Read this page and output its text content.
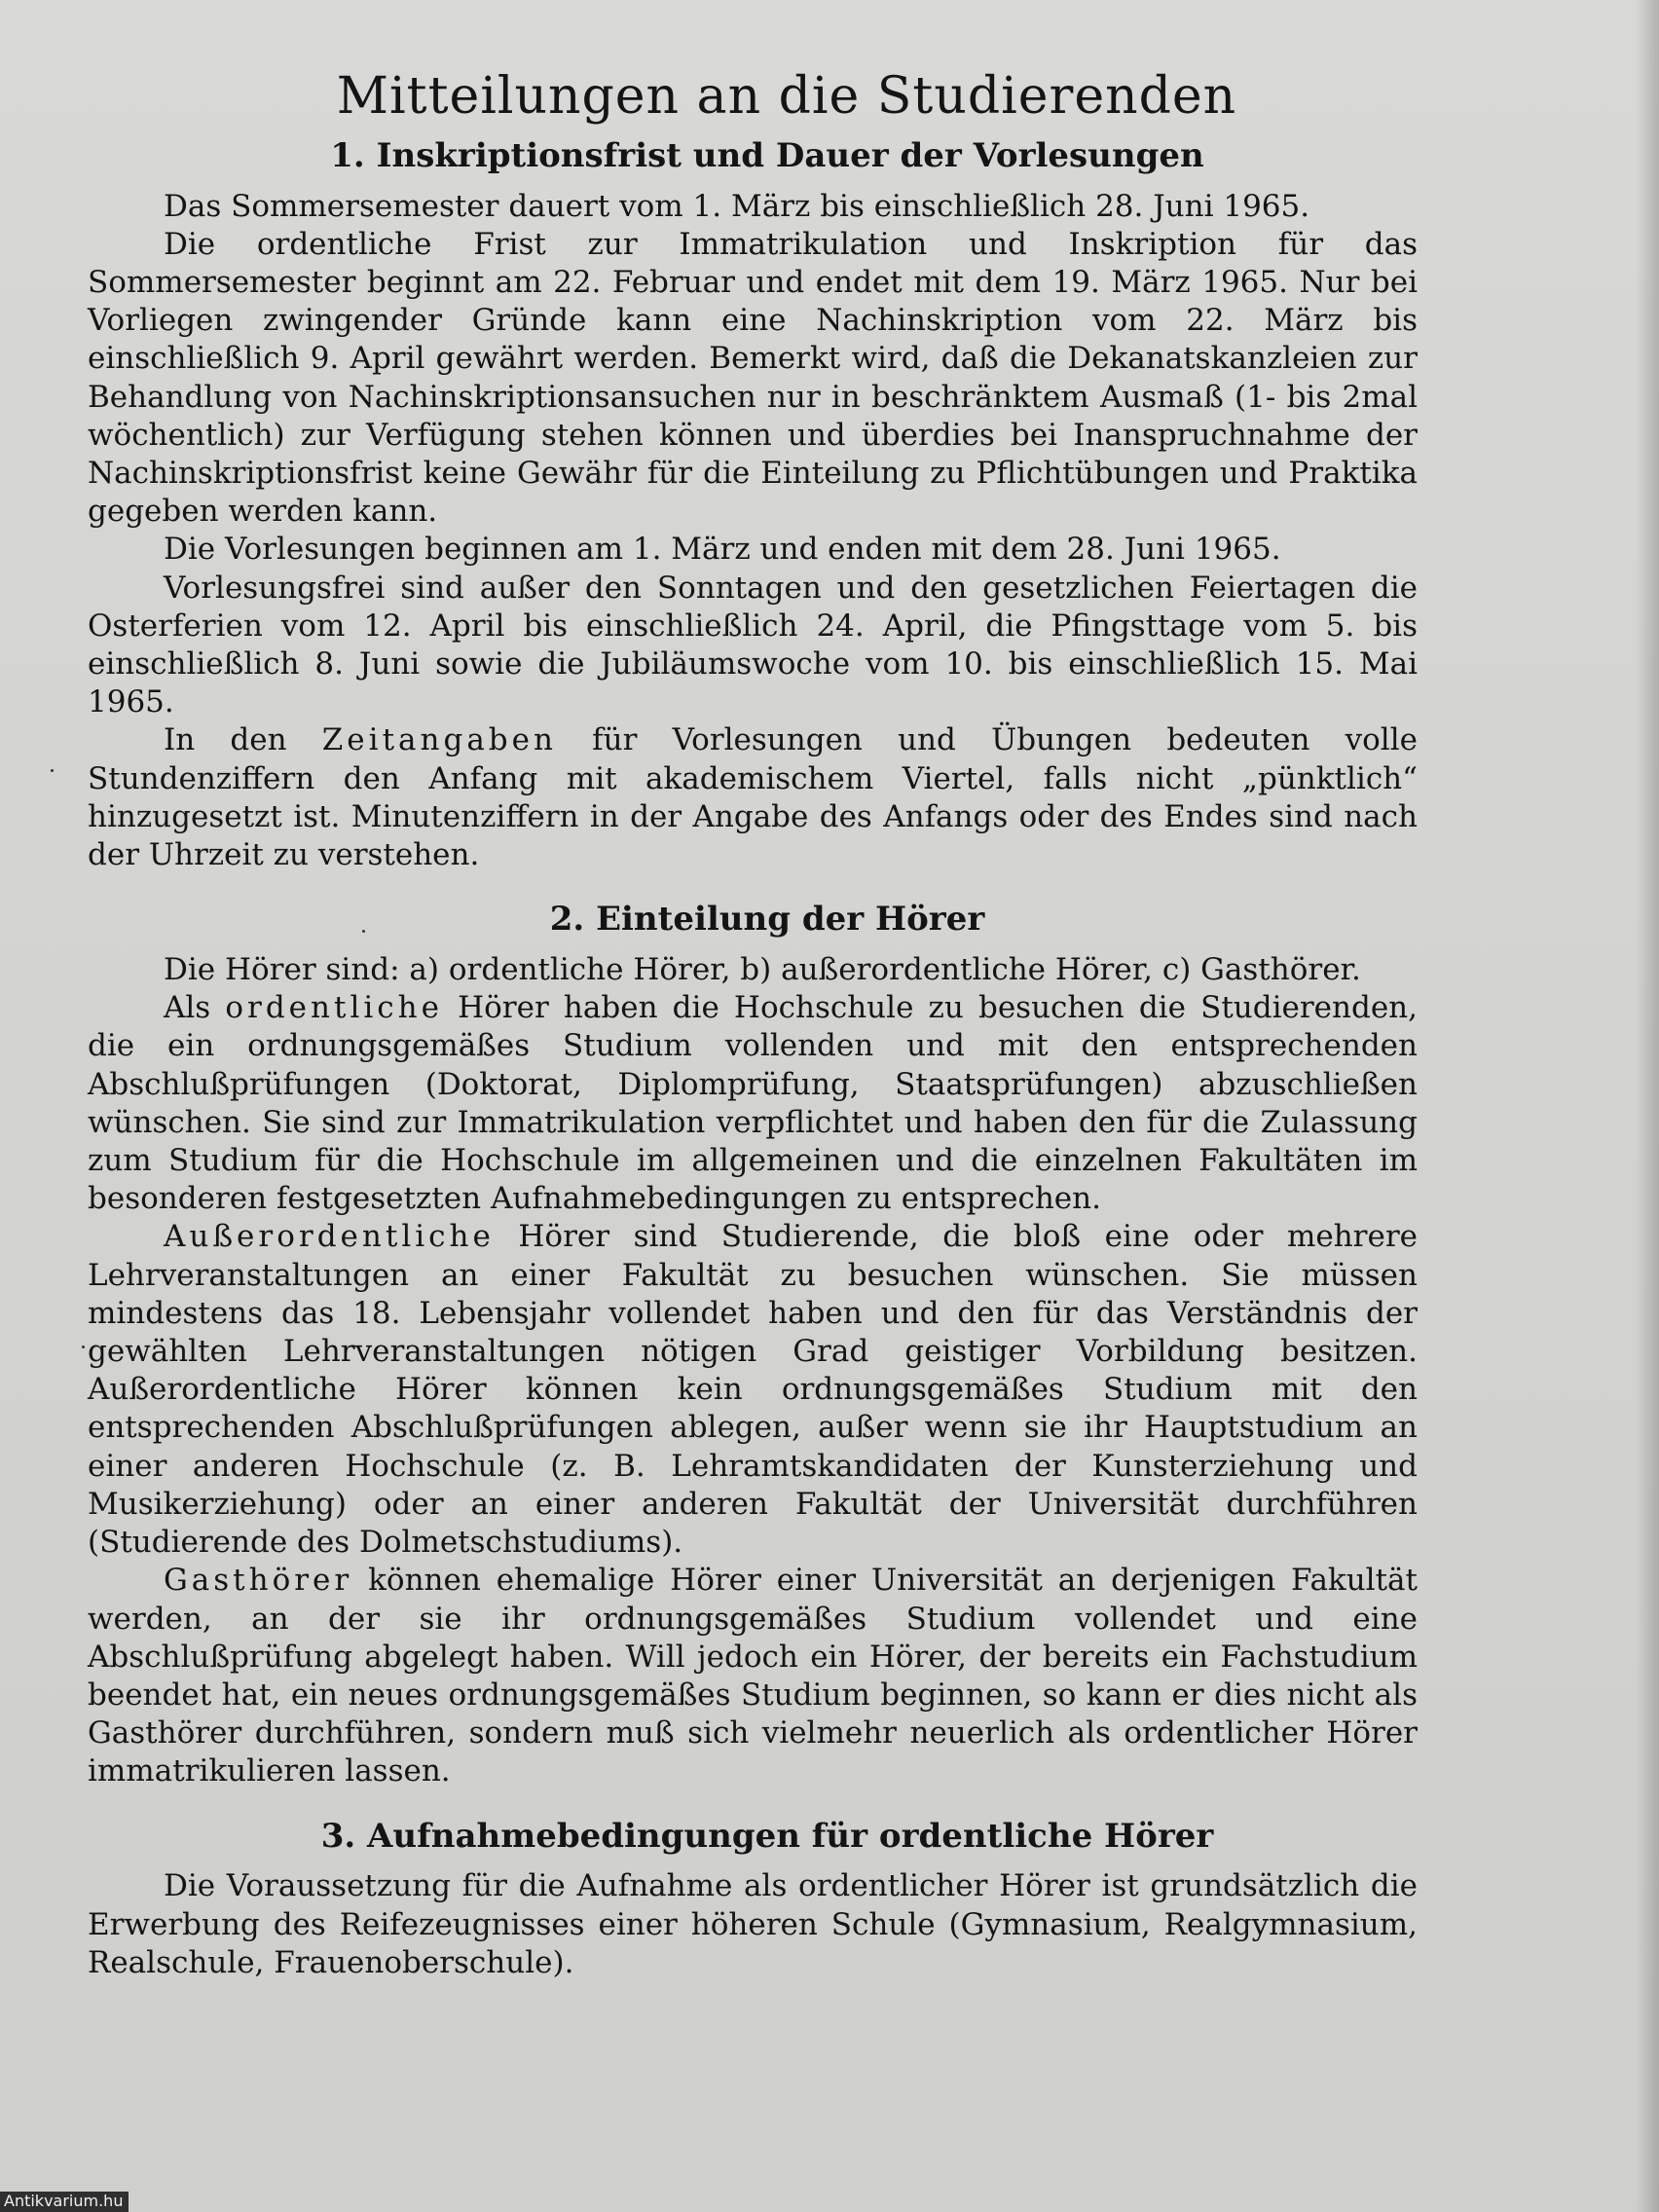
Mitteilungen an die Studierenden
1. Inskriptionsfrist und Dauer der Vorlesungen

Das Sommersemester dauert vom 1. März bis einschließlich 28. Juni 1965.

Die ordentliche Frist zur Immatrikulation und Inskription für das Sommersemester beginnt am 22. Februar und endet mit dem 19. März 1965. Nur bei Vorliegen zwingender Gründe kann eine Nachinskription vom 22. März bis einschließlich 9. April gewährt werden. Bemerkt wird, daß die Dekanatskanzleien zur Behandlung von Nachinskriptionsansuchen nur in beschränktem Ausmaß (1- bis 2mal wöchentlich) zur Verfügung stehen können und überdies bei Inanspruchnahme der Nachinskriptionsfrist keine Gewähr für die Einteilung zu Pflichtübungen und Praktika gegeben werden kann.

Die Vorlesungen beginnen am 1. März und enden mit dem 28. Juni 1965.

Vorlesungsfrei sind außer den Sonntagen und den gesetzlichen Feiertagen die Osterferien vom 12. April bis einschließlich 24. April, die Pfingsttage vom 5. bis einschließlich 8. Juni sowie die Jubiläumswoche vom 10. bis einschließlich 15. Mai 1965.

In den Zeitangaben für Vorlesungen und Übungen bedeuten volle Stundenziffern den Anfang mit akademischem Viertel, falls nicht „pünktlich“ hinzugesetzt ist. Minutenziffern in der Angabe des Anfangs oder des Endes sind nach der Uhrzeit zu verstehen.

2. Einteilung der Hörer

Die Hörer sind: a) ordentliche Hörer, b) außerordentliche Hörer, c) Gasthörer.

Als ordentliche Hörer haben die Hochschule zu besuchen die Studierenden, die ein ordnungsgemäßes Studium vollenden und mit den entsprechenden Abschlußprüfungen (Doktorat, Diplomprüfung, Staatsprüfungen) abzuschließen wünschen. Sie sind zur Immatrikulation verpflichtet und haben den für die Zulassung zum Studium für die Hochschule im allgemeinen und die einzelnen Fakultäten im besonderen festgesetzten Aufnahmebedingungen zu entsprechen.

Außerordentliche Hörer sind Studierende, die bloß eine oder mehrere Lehrveranstaltungen an einer Fakultät zu besuchen wünschen. Sie müssen mindestens das 18. Lebensjahr vollendet haben und den für das Verständnis der gewählten Lehrveranstaltungen nötigen Grad geistiger Vorbildung besitzen. Außerordentliche Hörer können kein ordnungsgemäßes Studium mit den entsprechenden Abschlußprüfungen ablegen, außer wenn sie ihr Hauptstudium an einer anderen Hochschule (z. B. Lehramtskandidaten der Kunsterziehung und Musikerziehung) oder an einer anderen Fakultät der Universität durchführen (Studierende des Dolmetschstudiums).

Gasthörer können ehemalige Hörer einer Universität an derjenigen Fakultät werden, an der sie ihr ordnungsgemäßes Studium vollendet und eine Abschlußprüfung abgelegt haben. Will jedoch ein Hörer, der bereits ein Fachstudium beendet hat, ein neues ordnungsgemäßes Studium beginnen, so kann er dies nicht als Gasthörer durchführen, sondern muß sich vielmehr neuerlich als ordentlicher Hörer immatrikulieren lassen.

3. Aufnahmebedingungen für ordentliche Hörer

Die Voraussetzung für die Aufnahme als ordentlicher Hörer ist grundsätzlich die Erwerbung des Reifezeugnisses einer höheren Schule (Gymnasium, Realgymnasium, Realschule, Frauenoberschule).

Antikvarium.hu
